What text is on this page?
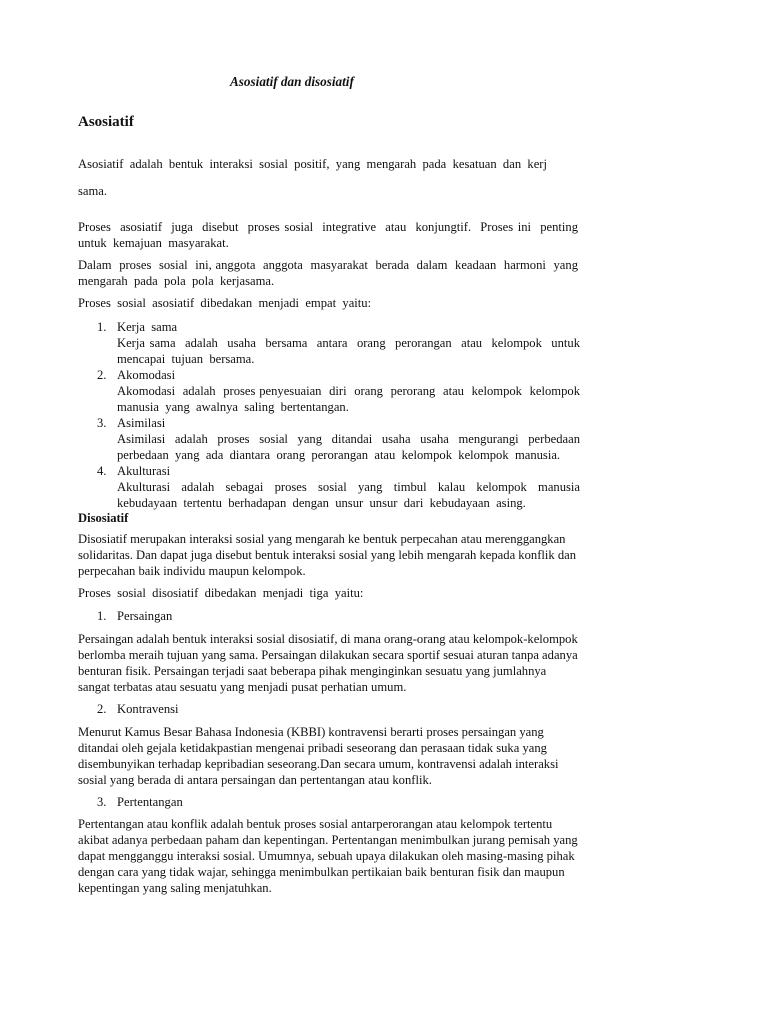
Asosiatif dan disosiatif
Asosiatif

Asosiatif  adalah  bentuk  interaksi  sosial  positif,  yang  mengarah  pada  kesatuan  dan  kerj

sama.

Proses  asosiatif  juga  disebut  proses sosial  integrative  atau  konjungtif.  Proses ini  penting untuk  kemajuan  masyarakat.

Dalam  proses  sosial  ini, anggota  anggota  masyarakat  berada  dalam  keadaan  harmoni  yang mengarah  pada  pola  pola  kerjasama.

Proses  sosial  asosiatif  dibedakan  menjadi  empat  yaitu:

1. Kerja  sama
Kerja sama  adalah  usaha  bersama  antara  orang  perorangan  atau  kelompok  untuk mencapai  tujuan  bersama.
2. Akomodasi
Akomodasi  adalah  proses penyesuaian  diri  orang  perorang  atau  kelompok  kelompok manusia  yang  awalnya  saling  bertentangan.
3. Asimilasi
Asimilasi  adalah  proses  sosial  yang  ditandai  usaha  usaha  mengurangi  perbedaan perbedaan  yang  ada  diantara  orang  perorangan  atau  kelompok  kelompok  manusia.
4. Akulturasi
Akulturasi  adalah  sebagai  proses  sosial  yang  timbul  kalau  kelompok  manusia kebudayaan  tertentu  berhadapan  dengan  unsur  unsur  dari  kebudayaan  asing.
Disosiatif

Disosiatif merupakan interaksi sosial yang mengarah ke bentuk perpecahan atau merenggangkan solidaritas. Dan dapat juga disebut bentuk interaksi sosial yang lebih mengarah kepada konflik dan perpecahan baik individu maupun kelompok.

Proses  sosial  disosiatif  dibedakan  menjadi  tiga  yaitu:

1. Persaingan

Persaingan adalah bentuk interaksi sosial disosiatif, di mana orang-orang atau kelompok-kelompok berlomba meraih tujuan yang sama. Persaingan dilakukan secara sportif sesuai aturan tanpa adanya benturan fisik. Persaingan terjadi saat beberapa pihak menginginkan sesuatu yang jumlahnya sangat terbatas atau sesuatu yang menjadi pusat perhatian umum.

2. Kontravensi

Menurut Kamus Besar Bahasa Indonesia (KBBI) kontravensi berarti proses persaingan yang ditandai oleh gejala ketidakpastian mengenai pribadi seseorang dan perasaan tidak suka yang disembunyikan terhadap kepribadian seseorang.Dan secara umum, kontravensi adalah interaksi sosial yang berada di antara persaingan dan pertentangan atau konflik.

3. Pertentangan

Pertentangan atau konflik adalah bentuk proses sosial antarperorangan atau kelompok tertentu akibat adanya perbedaan paham dan kepentingan. Pertentangan menimbulkan jurang pemisah yang dapat mengganggu interaksi sosial. Umumnya, sebuah upaya dilakukan oleh masing-masing pihak dengan cara yang tidak wajar, sehingga menimbulkan pertikaian baik benturan fisik dan maupun kepentingan yang saling menjatuhkan.
